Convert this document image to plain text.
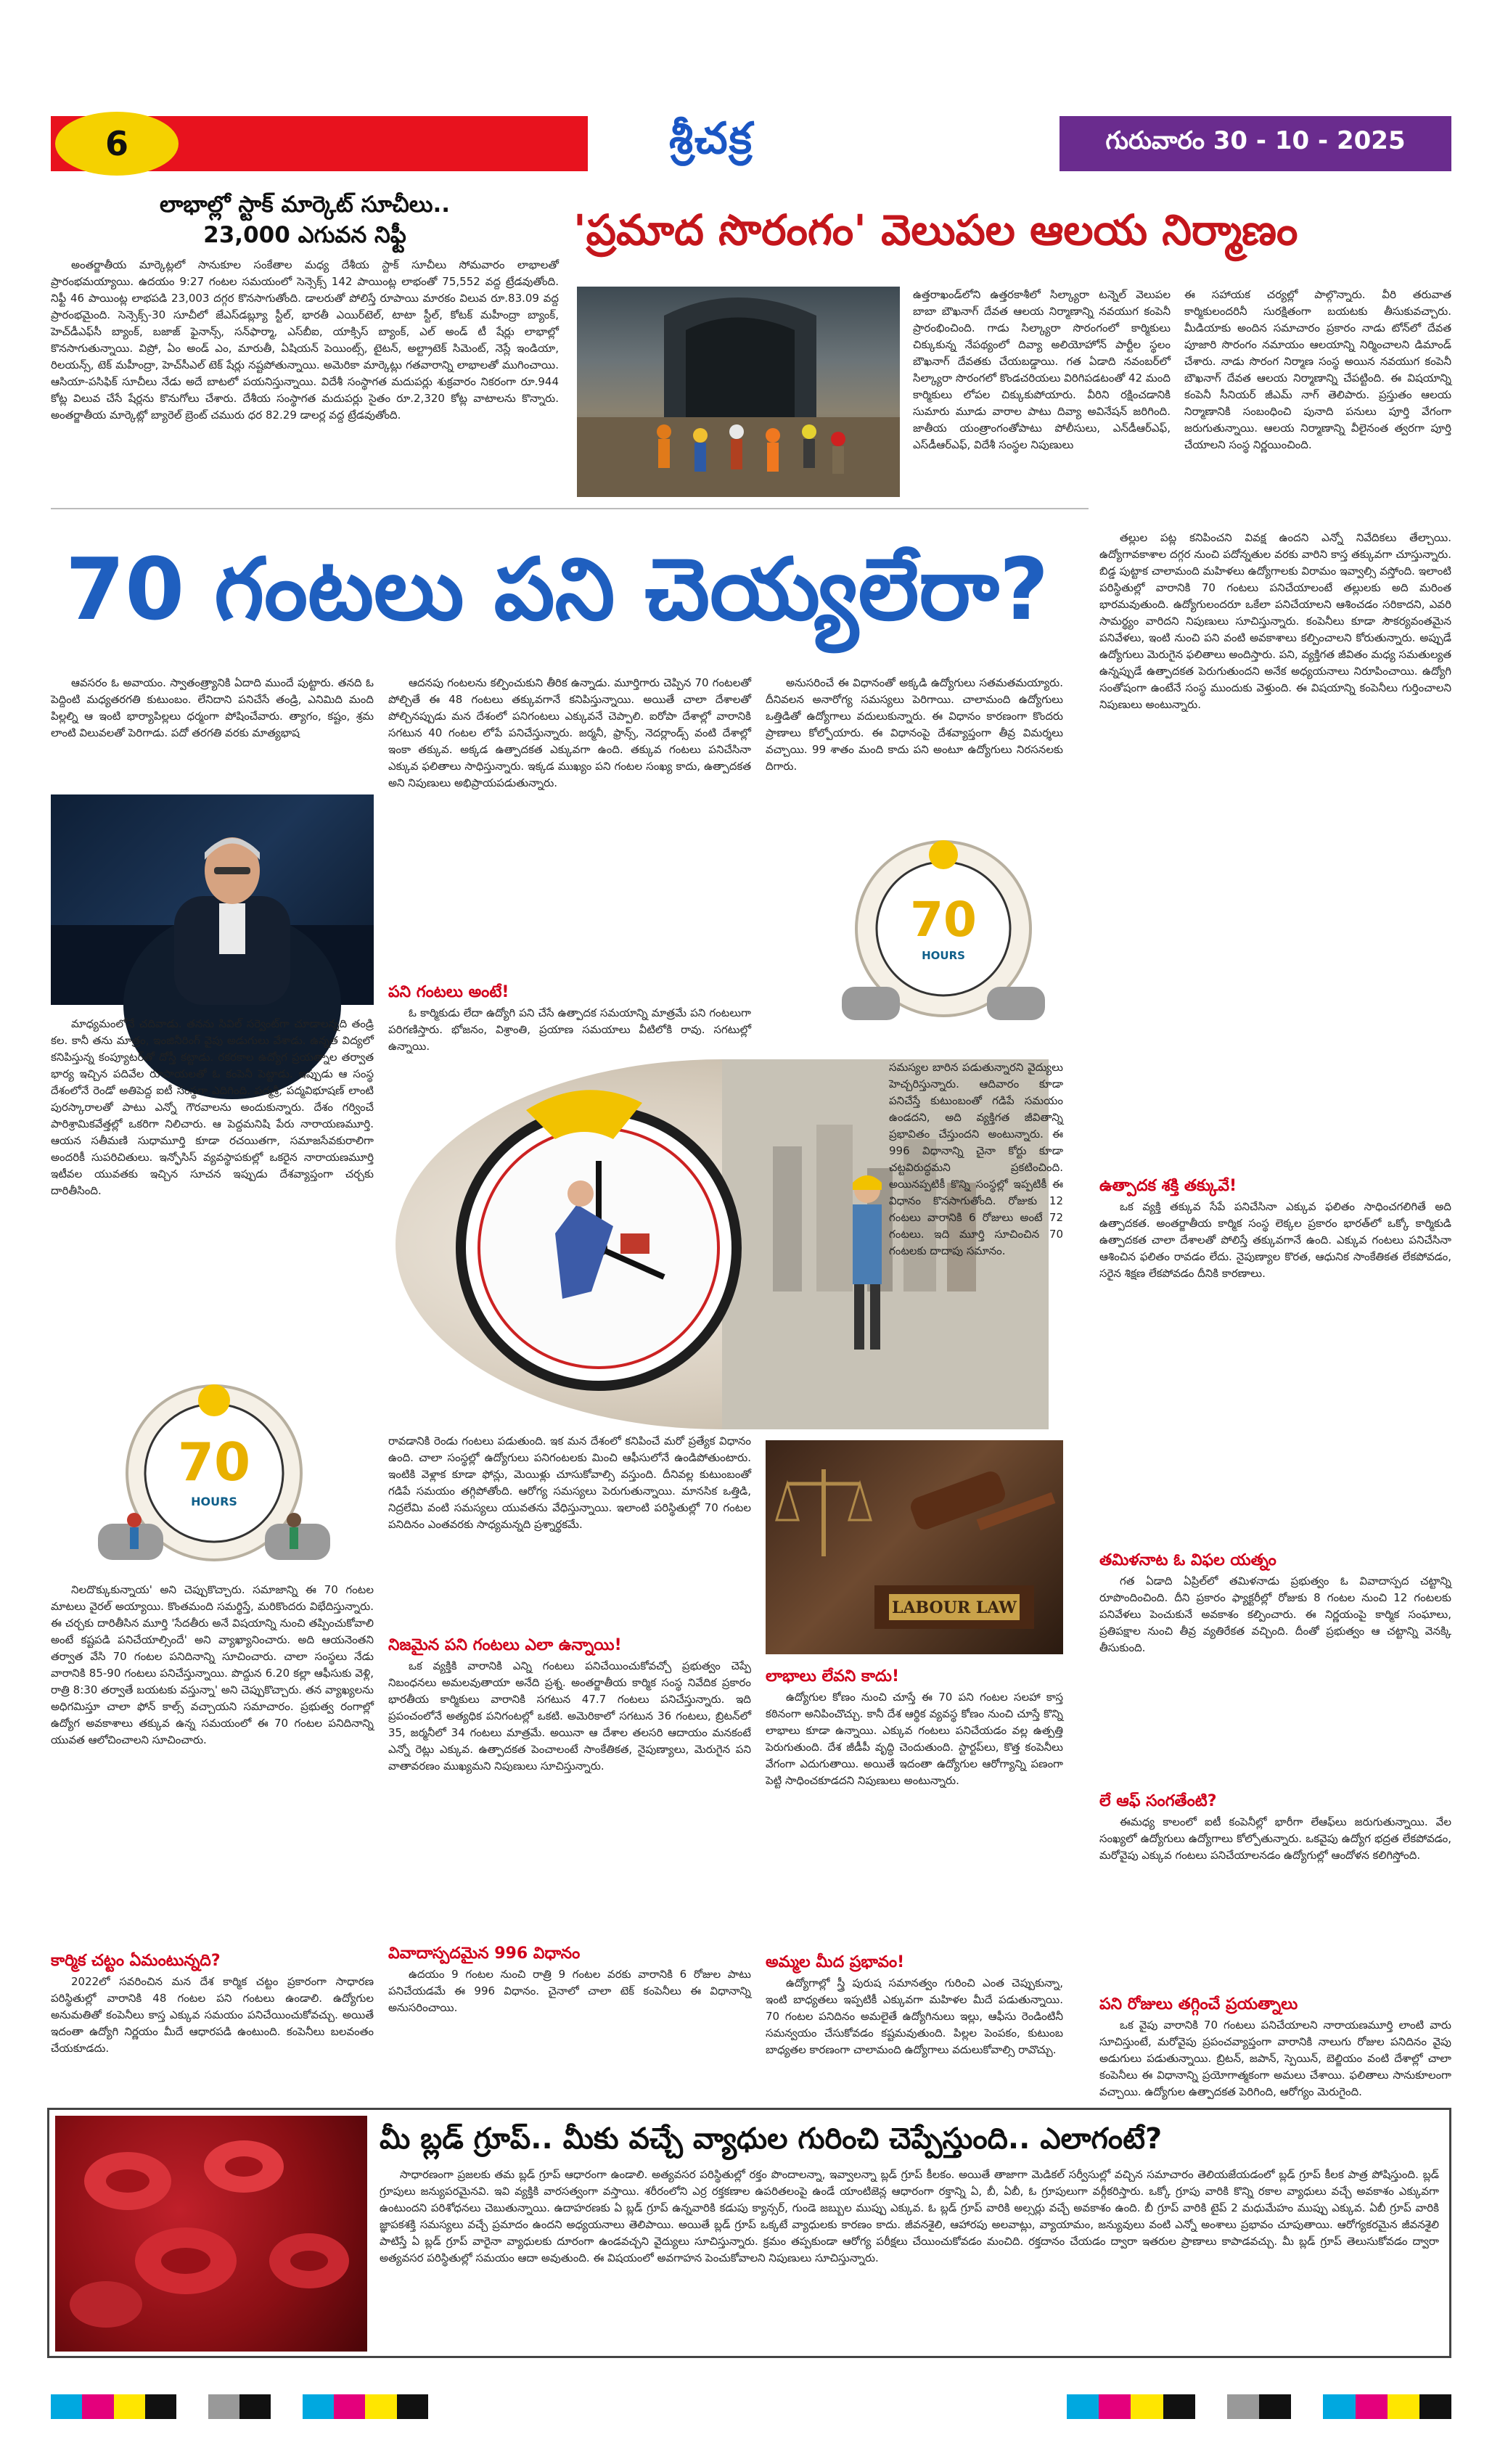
6	శ్రీచక్ర	గురువారం 30 - 10 - 2025
లాభాల్లో స్టాక్ మార్కెట్ సూచీలు..
23,000 ఎగువన నిఫ్టీ
అంతర్జాతీయ మార్కెట్లలో సానుకూల సంకేతాల మధ్య దేశీయ స్టాక్ సూచీలు సోమవారం లాభాలతో ప్రారంభమయ్యాయి. ఉదయం 9:27 గంటల సమయంలో సెన్సెక్స్ 142 పాయింట్ల లాభంతో 75,552 వద్ద ట్రేడవుతోంది. నిఫ్టీ 46 పాయింట్ల లాభపడి 23,003 దగ్గర కొనసాగుతోంది. డాలరుతో పోలిస్తే రూపాయి మారకం విలువ రూ.83.09 వద్ద ప్రారంభమైంది. సెన్సెక్స్-30 సూచీలో జేఎస్‌డబ్ల్యూ స్టీల్, భారతీ ఎయిర్‌టెల్, టాటా స్టీల్, కోటక్ మహీంద్రా బ్యాంక్, హెచ్‌డీఎఫ్‌సీ బ్యాంక్, బజాజ్ ఫైనాన్స్, సన్‌ఫార్మా, ఎస్‌బీఐ, యాక్సిస్ బ్యాంక్, ఎల్ అండ్ టీ షేర్లు లాభాల్లో కొనసాగుతున్నాయి. విప్రో, ఏం అండ్ ఎం, మారుతీ, ఏషియన్ పెయింట్స్, టైటన్, అల్ట్రాటెక్ సిమెంట్, నెస్లే ఇండియా, రిలయన్స్, టెక్ మహీంద్రా, హెచ్‌సీఎల్ టెక్ షేర్లు నష్టపోతున్నాయి. అమెరికా మార్కెట్లు గతవారాన్ని లాభాలతో ముగించాయి. ఆసియా-పసిఫిక్ సూచీలు నేడు అదే బాటలో పయనిస్తున్నాయి. విదేశీ సంస్థాగత మదుపర్లు శుక్రవారం నికరంగా రూ.944 కోట్ల విలువ చేసే షేర్లను కొనుగోలు చేశారు. దేశీయ సంస్థాగత మదుపర్లు సైతం రూ.2,320 కోట్ల వాటాలను కొన్నారు. అంతర్జాతీయ మార్కెట్లో బ్యారెల్ బ్రెంట్ చమురు ధర 82.29 డాలర్ల వద్ద ట్రేడవుతోంది.
'ప్రమాద సొరంగం' వెలుపల ఆలయ నిర్మాణం
ఉత్తరాఖండ్‌లోని ఉత్తరకాశీలో సిల్క్యారా టన్నెల్ వెలుపల బాబా బౌఖనాగ్ దేవత ఆలయ నిర్మాణాన్ని నవయుగ కంపెనీ ప్రారంభించింది. గాడు సిల్క్యారా సొరంగంలో కార్మికులు చిక్కుకున్న నేపథ్యంలో దివ్యా అలియోహోన్ పార్టీల స్థలం బౌఖనాగ్ దేవతకు చేయబడ్డాయి. గత ఏడాది నవంబర్‌లో సిల్క్యారా సొరంగలో కొండచరియలు విరిగిపడటంతో 42 మంది కార్మికులు లోపల చిక్కుకుపోయారు. వీరిని రక్షించడానికి సుమారు మూడు వారాల పాటు దివ్యా అవినేషన్ జరిగింది. జాతీయ యంత్రాంగంతోపాటు పోలీసులు, ఎన్‌డీఆర్‌ఎఫ్, ఎస్‌డీఆర్‌ఎఫ్, విదేశీ సంస్థల నిపుణులు
ఈ సహాయక చర్యల్లో పాల్గొన్నారు. వీరి తరువాత కార్మికులందరినీ సురక్షితంగా బయటకు తీసుకువచ్చారు. మీడియాకు అందిన సమాచారం ప్రకారం నాడు టోన్‌లో దేవత పూజారి సొరంగం నమాయం ఆలయాన్ని నిర్మించాలని డిమాండ్ చేశారు. నాడు సొరంగ నిర్మాణ సంస్థ అయిన నవయుగ కంపెనీ బౌఖనాగ్ దేవత ఆలయ నిర్మాణాన్ని చేపట్టింది. ఈ విషయాన్ని కంపెనీ సీనియర్ జీఎమ్ నాగ్ తెలిపారు. ప్రస్తుతం ఆలయ నిర్మాణానికి సంబంధించి పునాది పనులు పూర్తి వేగంగా జరుగుతున్నాయి. ఆలయ నిర్మాణాన్ని వీలైనంత త్వరగా పూర్తి చేయాలని సంస్థ నిర్ణయించింది.
70 గంటలు పని చెయ్యలేరా?
ఆవసరం ఓ అవాయం. స్వాతంత్ర్యానికి ఏదాది ముందే పుట్టారు. తనది ఓ పెద్దింటి మధ్యతరగతి కుటుంబం. లేనిదాని పనిచేసే తండ్రి, ఎనిమిది మంది పిల్లల్ని ఆ ఇంటి భార్యాపిల్లలు ధర్మంగా పోషించేవారు. త్యాగం, కష్టం, శ్రమ లాంటి విలువలతో పెరిగాడు. పదో తరగతి వరకు మాత్యభాష
మాధ్యమంలోనే చదివాడు. తనను సివిల్ సర్వెంట్‌గా చూడాలన్నది తండ్రి కల. కానీ తను మాత్రం, ఇంజినీరింగ్ వైపు అడుగులు వేశాడు. ఉన్నత విద్యలో కనిపిస్తున్న కంప్యూటర్‌తో దోస్తీ కట్టాడు. రకరకాల ఉద్యోగ ప్రయత్నాల తర్వాత భార్య ఇచ్చిన పదివేల రూపాయలతో ఓ కంపెనీ పెట్టాడు. ఇప్పుడు ఆ సంస్థ దేశంలోనే రెండో అతిపెద్ద ఐటీ సంస్థగా ఎదిగింది. పద్మశ్రీ, పద్మవిభూషణ్ లాంటి పురస్కారాలతో పాటు ఎన్నో గౌరవాలను అందుకున్నారు. దేశం గర్వించే పారిశ్రామికవేత్తల్లో ఒకరిగా నిలిచారు. ఆ పెద్దమనిషి పేరు నారాయణమూర్తి. ఆయన సతీమణి సుధామూర్తి కూడా రచయితగా, సమాజసేవకురాలిగా అందరికీ సుపరిచితులు. ఇన్ఫోసిస్ వ్యవస్థాపకుల్లో ఒకరైన నారాయణమూర్తి ఇటీవల యువతకు ఇచ్చిన సూచన ఇప్పుడు దేశవ్యాప్తంగా చర్చకు దారితీసింది.
70
HOURS
నిలదొక్కుకున్నాయ' అని చెప్పుకొచ్చారు. సమాజాన్ని ఈ 70 గంటల మాటలు వైరల్ అయ్యాయి. కొంతమంది సమర్థిస్తే, మరికొందరు విభేదిస్తున్నారు. ఈ చర్చకు దారితీసిన మూర్తి 'సేదతీరు అనే విషయాన్ని నుంచి తప్పించుకోవాలి అంటే కష్టపడి పనిచేయాల్సిందే' అని వ్యాఖ్యానించారు. అది ఆయనెంతని తర్వాత వేసి 70 గంటల పనిదినాన్ని సూచించారు. చాలా సంస్థలు నేడు వారానికి 85-90 గంటలు పనిచేస్తున్నాయి. పొద్దున 6.20 కల్లా ఆఫీసుకు వెళ్లి, రాత్రి 8:30 తర్వాతే బయటకు వస్తున్నా' అని చెప్పుకొచ్చారు. తన వ్యాఖ్యలను అధిగమిస్తూ చాలా ఫోన్ కాల్స్ వచ్చాయని సమాచారం. ప్రభుత్వ రంగాల్లో ఉద్యోగ అవకాశాలు తక్కువ ఉన్న సమయంలో ఈ 70 గంటల పనిదినాన్ని యువత ఆలోచించాలని సూచించారు.
కార్మిక చట్టం ఏమంటున్నది?
2022లో సవరించిన మన దేశ కార్మిక చట్టం ప్రకారంగా సాధారణ పరిస్థితుల్లో వారానికి 48 గంటల పని గంటలు ఉండాలి. ఉద్యోగుల అనుమతితో కంపెనీలు కాస్త ఎక్కువ సమయం పనిచేయించుకోవచ్చు. అయితే ఇదంతా ఉద్యోగి నిర్ణయం మీదే ఆధారపడి ఉంటుంది. కంపెనీలు బలవంతం చేయకూడదు.
ఆదనపు గంటలను కల్పించుకుని తీరిక ఉన్నాడు. మూర్తిగారు చెప్పిన 70 గంటలతో పోల్చితే ఈ 48 గంటలు తక్కువగానే కనిపిస్తున్నాయి. అయితే చాలా దేశాలతో పోల్చినప్పుడు మన దేశంలో పనిగంటలు ఎక్కువనే చెప్పాలి. ఐరోపా దేశాల్లో వారానికి సగటున 40 గంటల లోపే పనిచేస్తున్నారు. జర్మనీ, ఫ్రాన్స్, నెదర్లాండ్స్ వంటి దేశాల్లో ఇంకా తక్కువ. అక్కడ ఉత్పాదకత ఎక్కువగా ఉంది. తక్కువ గంటలు పనిచేసినా ఎక్కువ ఫలితాలు సాధిస్తున్నారు. ఇక్కడ ముఖ్యం పని గంటల సంఖ్య కాదు, ఉత్పాదకత అని నిపుణులు అభిప్రాయపడుతున్నారు.
పని గంటలు అంటే!
ఓ కార్మికుడు లేదా ఉద్యోగి పని చేసే ఉత్పాదక సమయాన్ని మాత్రమే పని గంటలుగా పరిగణిస్తారు. భోజనం, విశ్రాంతి, ప్రయాణ సమయాలు వీటిలోకి రావు. సగటుల్లో ఉన్నాయి.
రావడానికి రెండు గంటలు పడుతుంది. ఇక మన దేశంలో కనిపించే మరో ప్రత్యేక విధానం ఉంది. చాలా సంస్థల్లో ఉద్యోగులు పనిగంటలకు మించి ఆఫీసులోనే ఉండిపోతుంటారు. ఇంటికి వెళ్లాక కూడా ఫోన్లు, మెయిళ్లు చూసుకోవాల్సి వస్తుంది. దీనివల్ల కుటుంబంతో గడిపే సమయం తగ్గిపోతోంది. ఆరోగ్య సమస్యలు పెరుగుతున్నాయి. మానసిక ఒత్తిడి, నిద్రలేమి వంటి సమస్యలు యువతను వేధిస్తున్నాయి. ఇలాంటి పరిస్థితుల్లో 70 గంటల పనిదినం ఎంతవరకు సాధ్యమన్నది ప్రశ్నార్థకమే.
నిజమైన పని గంటలు ఎలా ఉన్నాయి!
ఒక వ్యక్తికి వారానికి ఎన్ని గంటలు పనిచేయించుకోవచ్చో ప్రభుత్వం చెప్పే నిబంధనలు అమలవుతాయా అనేది ప్రశ్న. అంతర్జాతీయ కార్మిక సంస్థ నివేదిక ప్రకారం భారతీయ కార్మికులు వారానికి సగటున 47.7 గంటలు పనిచేస్తున్నారు. ఇది ప్రపంచంలోనే అత్యధిక పనిగంటల్లో ఒకటి. అమెరికాలో సగటున 36 గంటలు, బ్రిటన్‌లో 35, జర్మనీలో 34 గంటలు మాత్రమే. అయినా ఆ దేశాల తలసరి ఆదాయం మనకంటే ఎన్నో రెట్లు ఎక్కువ. ఉత్పాదకత పెంచాలంటే సాంకేతికత, నైపుణ్యాలు, మెరుగైన పని వాతావరణం ముఖ్యమని నిపుణులు సూచిస్తున్నారు.
వివాదాస్పదమైన 996 విధానం
ఉదయం 9 గంటల నుంచి రాత్రి 9 గంటల వరకు వారానికి 6 రోజుల పాటు పనిచేయడమే ఈ 996 విధానం. చైనాలో చాలా టెక్ కంపెనీలు ఈ విధానాన్ని అనుసరించాయి.
అనుసరించే ఈ విధానంతో అక్కడి ఉద్యోగులు సతమతమయ్యారు. దీనివలన అనారోగ్య సమస్యలు పెరిగాయి. చాలామంది ఉద్యోగులు ఒత్తిడితో ఉద్యోగాలు వదులుకున్నారు. ఈ విధానం కారణంగా కొందరు ప్రాణాలు కోల్పోయారు. ఈ విధానంపై దేశవ్యాప్తంగా తీవ్ర విమర్శలు వచ్చాయి. 99 శాతం మంది కాదు పని అంటూ ఉద్యోగులు నిరసనలకు దిగారు.
70
HOURS
సమస్యల బారిన పడుతున్నారని వైద్యులు హెచ్చరిస్తున్నారు. ఆదివారం కూడా పనిచేస్తే కుటుంబంతో గడిపే సమయం ఉండదని, అది వ్యక్తిగత జీవితాన్ని ప్రభావితం చేస్తుందని అంటున్నారు. ఈ 996 విధానాన్ని చైనా కోర్టు కూడా చట్టవిరుద్ధమని ప్రకటించింది. అయినప్పటికీ కొన్ని సంస్థల్లో ఇప్పటికీ ఈ విధానం కొనసాగుతోంది. రోజుకు 12 గంటలు వారానికి 6 రోజులు అంటే 72 గంటలు. ఇది మూర్తి సూచించిన 70 గంటలకు దాదాపు సమానం.
LABOUR LAW
లాభాలు లేవని కాదు!
ఉద్యోగుల కోణం నుంచి చూస్తే ఈ 70 పని గంటల సలహా కాస్త కఠినంగా అనిపించొచ్చు. కానీ దేశ ఆర్థిక వ్యవస్థ కోణం నుంచి చూస్తే కొన్ని లాభాలు కూడా ఉన్నాయి. ఎక్కువ గంటలు పనిచేయడం వల్ల ఉత్పత్తి పెరుగుతుంది. దేశ జీడీపీ వృద్ధి చెందుతుంది. స్టార్టప్‌లు, కొత్త కంపెనీలు వేగంగా ఎదుగుతాయి. అయితే ఇదంతా ఉద్యోగుల ఆరోగ్యాన్ని పణంగా పెట్టి సాధించకూడదని నిపుణులు అంటున్నారు.
అమ్మల మీద ప్రభావం!
ఉద్యోగాల్లో స్త్రీ పురుష సమానత్వం గురించి ఎంత చెప్పుకున్నా, ఇంటి బాధ్యతలు ఇప్పటికీ ఎక్కువగా మహిళల మీదే పడుతున్నాయి. 70 గంటల పనిదినం అమలైతే ఉద్యోగినులు ఇల్లు, ఆఫీసు రెండింటినీ సమన్వయం చేసుకోవడం కష్టమవుతుంది. పిల్లల పెంపకం, కుటుంబ బాధ్యతల కారణంగా చాలామంది ఉద్యోగాలు వదులుకోవాల్సి రావొచ్చు.
తల్లుల పట్ల కనిపించని వివక్ష ఉందని ఎన్నో నివేదికలు తేల్చాయి. ఉద్యోగావకాశాల దగ్గర నుంచి పదోన్నతుల వరకు వారిని కాస్త తక్కువగా చూస్తున్నారు. బిడ్డ పుట్టాక చాలామంది మహిళలు ఉద్యోగాలకు విరామం ఇవ్వాల్సి వస్తోంది. ఇలాంటి పరిస్థితుల్లో వారానికి 70 గంటలు పనిచేయాలంటే తల్లులకు అది మరింత భారమవుతుంది. ఉద్యోగులందరూ ఒకేలా పనిచేయాలని ఆశించడం సరికాదని, ఎవరి సామర్థ్యం వారిదని నిపుణులు సూచిస్తున్నారు. కంపెనీలు కూడా సౌకర్యవంతమైన పనివేళలు, ఇంటి నుంచి పని వంటి అవకాశాలు కల్పించాలని కోరుతున్నారు. అప్పుడే ఉద్యోగులు మెరుగైన ఫలితాలు అందిస్తారు. పని, వ్యక్తిగత జీవితం మధ్య సమతుల్యత ఉన్నప్పుడే ఉత్పాదకత పెరుగుతుందని అనేక అధ్యయనాలు నిరూపించాయి. ఉద్యోగి సంతోషంగా ఉంటేనే సంస్థ ముందుకు వెళ్తుంది. ఈ విషయాన్ని కంపెనీలు గుర్తించాలని నిపుణులు అంటున్నారు.
ఉత్పాదక శక్తి తక్కువే!
ఒక వ్యక్తి తక్కువ సేపే పనిచేసినా ఎక్కువ ఫలితం సాధించగలిగితే అది ఉత్పాదకత. అంతర్జాతీయ కార్మిక సంస్థ లెక్కల ప్రకారం భారత్‌లో ఒక్కో కార్మికుడి ఉత్పాదకత చాలా దేశాలతో పోలిస్తే తక్కువగానే ఉంది. ఎక్కువ గంటలు పనిచేసినా ఆశించిన ఫలితం రావడం లేదు. నైపుణ్యాల కొరత, ఆధునిక సాంకేతికత లేకపోవడం, సరైన శిక్షణ లేకపోవడం దీనికి కారణాలు.
తమిళనాట ఓ విఫల యత్నం
గత ఏడాది ఏప్రిల్‌లో తమిళనాడు ప్రభుత్వం ఓ వివాదాస్పద చట్టాన్ని రూపొందించింది. దీని ప్రకారం ఫ్యాక్టరీల్లో రోజుకు 8 గంటల నుంచి 12 గంటలకు పనివేళలు పెంచుకునే అవకాశం కల్పించారు. ఈ నిర్ణయంపై కార్మిక సంఘాలు, ప్రతిపక్షాల నుంచి తీవ్ర వ్యతిరేకత వచ్చింది. దీంతో ప్రభుత్వం ఆ చట్టాన్ని వెనక్కి తీసుకుంది.
లే ఆఫ్ సంగతేంటి?
ఈమధ్య కాలంలో ఐటీ కంపెనీల్లో భారీగా లేఆఫ్‌లు జరుగుతున్నాయి. వేల సంఖ్యలో ఉద్యోగులు ఉద్యోగాలు కోల్పోతున్నారు. ఒకవైపు ఉద్యోగ భద్రత లేకపోవడం, మరోవైపు ఎక్కువ గంటలు పనిచేయాలనడం ఉద్యోగుల్లో ఆందోళన కలిగిస్తోంది.
పని రోజులు తగ్గించే ప్రయత్నాలు
ఒక వైపు వారానికి 70 గంటలు పనిచేయాలని నారాయణమూర్తి లాంటి వారు సూచిస్తుంటే, మరోవైపు ప్రపంచవ్యాప్తంగా వారానికి నాలుగు రోజుల పనిదినం వైపు అడుగులు పడుతున్నాయి. బ్రిటన్, జపాన్, స్పెయిన్, బెల్జియం వంటి దేశాల్లో చాలా కంపెనీలు ఈ విధానాన్ని ప్రయోగాత్మకంగా అమలు చేశాయి. ఫలితాలు సానుకూలంగా వచ్చాయి. ఉద్యోగుల ఉత్పాదకత పెరిగింది, ఆరోగ్యం మెరుగైంది.
మీ బ్లడ్ గ్రూప్.. మీకు వచ్చే వ్యాధుల గురించి చెప్పేస్తుంది.. ఎలాగంటే?
సాధారణంగా ప్రజలకు తమ బ్లడ్ గ్రూప్ ఆధారంగా ఉండాలి. అత్యవసర పరిస్థితుల్లో రక్తం పొందాలన్నా, ఇవ్వాలన్నా బ్లడ్ గ్రూప్ కీలకం. అయితే తాజాగా మెడికల్ సర్వీసుల్లో వచ్చిన సమాచారం తెలియజేయడంలో బ్లడ్ గ్రూప్ కీలక పాత్ర పోషిస్తుంది. బ్లడ్ గ్రూపులు జన్యుపరమైనవి. ఇవి వ్యక్తికి వారసత్వంగా వస్తాయి. శరీరంలోని ఎర్ర రక్తకణాల ఉపరితలంపై ఉండే యాంటిజెన్ల ఆధారంగా రక్తాన్ని ఏ, బీ, ఏబీ, ఓ గ్రూపులుగా వర్గీకరిస్తారు. ఒక్కో గ్రూపు వారికి కొన్ని రకాల వ్యాధులు వచ్చే అవకాశం ఎక్కువగా ఉంటుందని పరిశోధనలు చెబుతున్నాయి. ఉదాహరణకు ఏ బ్లడ్ గ్రూప్ ఉన్నవారికి కడుపు క్యాన్సర్, గుండె జబ్బుల ముప్పు ఎక్కువ. ఓ బ్లడ్ గ్రూప్ వారికి అల్సర్లు వచ్చే అవకాశం ఉంది. బీ గ్రూప్ వారికి టైప్ 2 మధుమేహం ముప్పు ఎక్కువ. ఏబీ గ్రూప్ వారికి జ్ఞాపకశక్తి సమస్యలు వచ్చే ప్రమాదం ఉందని అధ్యయనాలు తెలిపాయి. అయితే బ్లడ్ గ్రూప్ ఒక్కటే వ్యాధులకు కారణం కాదు. జీవనశైలి, ఆహారపు అలవాట్లు, వ్యాయామం, జన్యువులు వంటి ఎన్నో అంశాలు ప్రభావం చూపుతాయి. ఆరోగ్యకరమైన జీవనశైలి పాటిస్తే ఏ బ్లడ్ గ్రూప్ వారైనా వ్యాధులకు దూరంగా ఉండవచ్చని వైద్యులు సూచిస్తున్నారు. క్రమం తప్పకుండా ఆరోగ్య పరీక్షలు చేయించుకోవడం మంచిది. రక్తదానం చేయడం ద్వారా ఇతరుల ప్రాణాలు కాపాడవచ్చు. మీ బ్లడ్ గ్రూప్ తెలుసుకోవడం ద్వారా అత్యవసర పరిస్థితుల్లో సమయం ఆదా అవుతుంది. ఈ విషయంలో అవగాహన పెంచుకోవాలని నిపుణులు సూచిస్తున్నారు.
